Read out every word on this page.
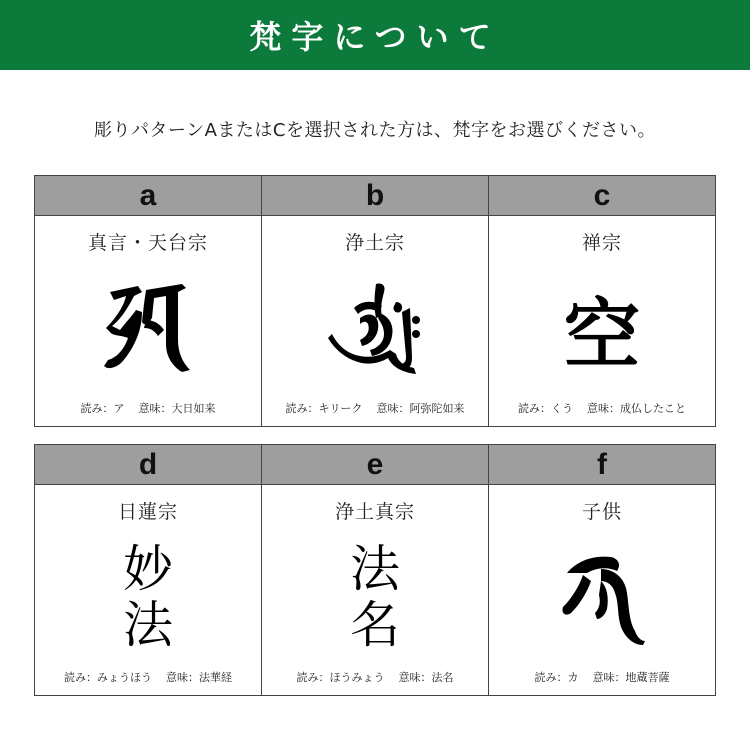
梵字について
彫りパターンAまたはCを選択された方は、梵字をお選びください。
a
真言・天台宗
読み：ア 意味：大日如来
b
浄土宗
読み：キリーク 意味：阿弥陀如来
c
禅宗
空
読み：くう 意味：成仏したこと
d
日蓮宗
妙
法
読み：みょうほう 意味：法華経
e
浄土真宗
法
名
読み：ほうみょう 意味：法名
f
子供
読み：カ 意味：地蔵菩薩
